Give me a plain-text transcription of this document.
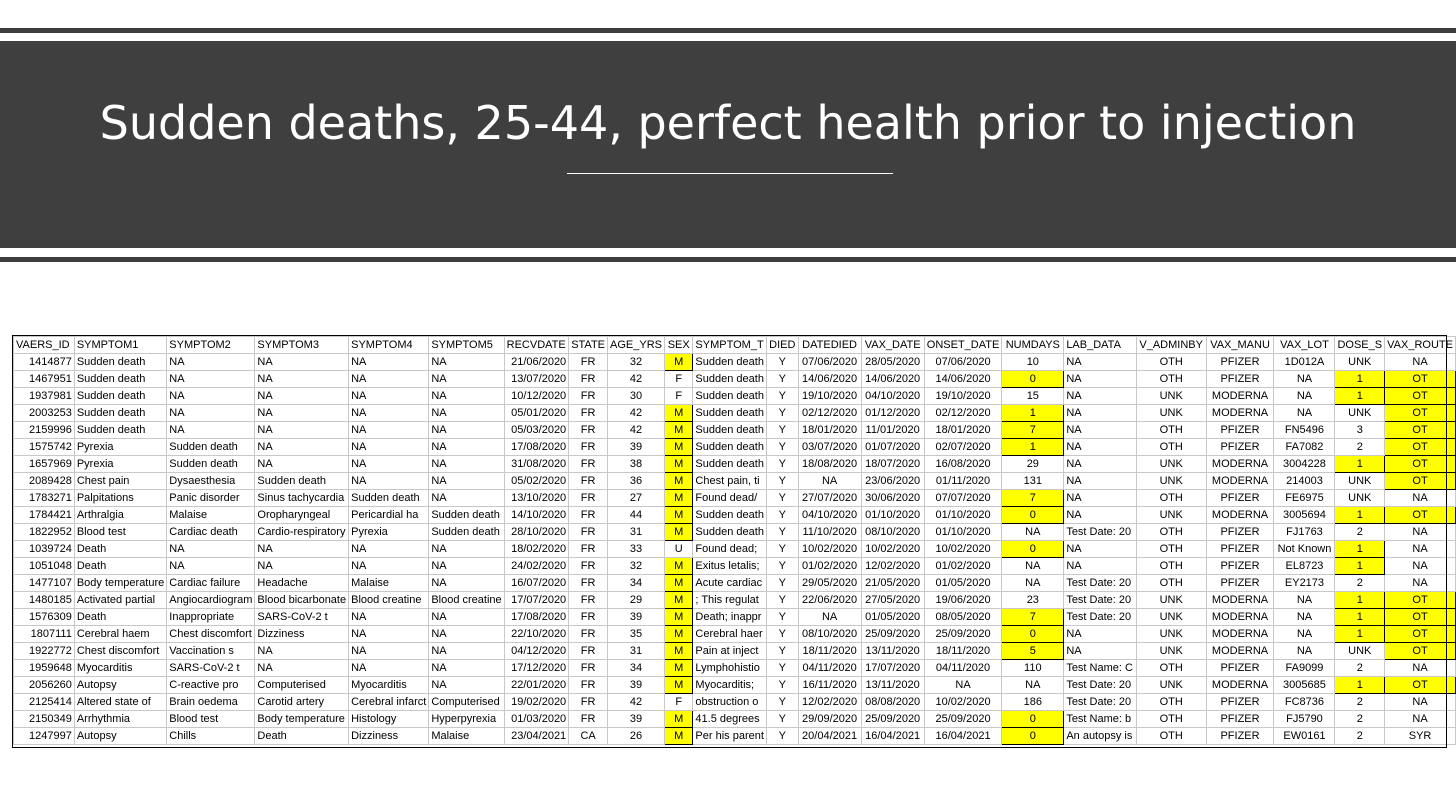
Sudden deaths, 25-44, perfect health prior to injection
VAERS_ID	SYMPTOM1	SYMPTOM2	SYMPTOM3	SYMPTOM4	SYMPTOM5	RECVDATE	STATE	AGE_YRS	SEX	SYMPTOM_T	DIED	DATEDIED	VAX_DATE	ONSET_DATE	NUMDAYS	LAB_DATA	V_ADMINBY	VAX_MANU	VAX_LOT	DOSE_S	VAX_ROUTE
1414877	Sudden death	NA	NA	NA	NA	21/06/2020	FR	32	M	Sudden death	Y	07/06/2020	28/05/2020	07/06/2020	10	NA	OTH	PFIZER	1D012A	UNK	NA
1467951	Sudden death	NA	NA	NA	NA	13/07/2020	FR	42	F	Sudden death	Y	14/06/2020	14/06/2020	14/06/2020	0	NA	OTH	PFIZER	NA	1	OT
1937981	Sudden death	NA	NA	NA	NA	10/12/2020	FR	30	F	Sudden death	Y	19/10/2020	04/10/2020	19/10/2020	15	NA	UNK	MODERNA	NA	1	OT
2003253	Sudden death	NA	NA	NA	NA	05/01/2020	FR	42	M	Sudden death	Y	02/12/2020	01/12/2020	02/12/2020	1	NA	UNK	MODERNA	NA	UNK	OT
2159996	Sudden death	NA	NA	NA	NA	05/03/2020	FR	42	M	Sudden death	Y	18/01/2020	11/01/2020	18/01/2020	7	NA	OTH	PFIZER	FN5496	3	OT
1575742	Pyrexia	Sudden death	NA	NA	NA	17/08/2020	FR	39	M	Sudden death	Y	03/07/2020	01/07/2020	02/07/2020	1	NA	OTH	PFIZER	FA7082	2	OT
1657969	Pyrexia	Sudden death	NA	NA	NA	31/08/2020	FR	38	M	Sudden death	Y	18/08/2020	18/07/2020	16/08/2020	29	NA	UNK	MODERNA	3004228	1	OT
2089428	Chest pain	Dysaesthesia	Sudden death	NA	NA	05/02/2020	FR	36	M	Chest pain, ti	Y	NA	23/06/2020	01/11/2020	131	NA	UNK	MODERNA	214003	UNK	OT
1783271	Palpitations	Panic disorder	Sinus tachycardia	Sudden death	NA	13/10/2020	FR	27	M	Found dead/	Y	27/07/2020	30/06/2020	07/07/2020	7	NA	OTH	PFIZER	FE6975	UNK	NA
1784421	Arthralgia	Malaise	Oropharyngeal	Pericardial ha	Sudden death	14/10/2020	FR	44	M	Sudden death	Y	04/10/2020	01/10/2020	01/10/2020	0	NA	UNK	MODERNA	3005694	1	OT
1822952	Blood test	Cardiac death	Cardio-respiratory	Pyrexia	Sudden death	28/10/2020	FR	31	M	Sudden death	Y	11/10/2020	08/10/2020	01/10/2020	NA	Test Date: 20	OTH	PFIZER	FJ1763	2	NA
1039724	Death	NA	NA	NA	NA	18/02/2020	FR	33	U	Found dead;	Y	10/02/2020	10/02/2020	10/02/2020	0	NA	OTH	PFIZER	Not Known	1	NA
1051048	Death	NA	NA	NA	NA	24/02/2020	FR	32	M	Exitus letalis;	Y	01/02/2020	12/02/2020	01/02/2020	NA	NA	OTH	PFIZER	EL8723	1	NA
1477107	Body temperature	Cardiac failure	Headache	Malaise	NA	16/07/2020	FR	34	M	Acute cardiac	Y	29/05/2020	21/05/2020	01/05/2020	NA	Test Date: 20	OTH	PFIZER	EY2173	2	NA
1480185	Activated partial	Angiocardiogram	Blood bicarbonate	Blood creatine	Blood creatine	17/07/2020	FR	29	M	; This regulat	Y	22/06/2020	27/05/2020	19/06/2020	23	Test Date: 20	UNK	MODERNA	NA	1	OT
1576309	Death	Inappropriate	SARS-CoV-2 t	NA	NA	17/08/2020	FR	39	M	Death; inappr	Y	NA	01/05/2020	08/05/2020	7	Test Date: 20	UNK	MODERNA	NA	1	OT
1807111	Cerebral haem	Chest discomfort	Dizziness	NA	NA	22/10/2020	FR	35	M	Cerebral haer	Y	08/10/2020	25/09/2020	25/09/2020	0	NA	UNK	MODERNA	NA	1	OT
1922772	Chest discomfort	Vaccination s	NA	NA	NA	04/12/2020	FR	31	M	Pain at inject	Y	18/11/2020	13/11/2020	18/11/2020	5	NA	UNK	MODERNA	NA	UNK	OT
1959648	Myocarditis	SARS-CoV-2 t	NA	NA	NA	17/12/2020	FR	34	M	Lymphohistio	Y	04/11/2020	17/07/2020	04/11/2020	110	Test Name: C	OTH	PFIZER	FA9099	2	NA
2056260	Autopsy	C-reactive pro	Computerised	Myocarditis	NA	22/01/2020	FR	39	M	Myocarditis;	Y	16/11/2020	13/11/2020	NA	NA	Test Date: 20	UNK	MODERNA	3005685	1	OT
2125414	Altered state of	Brain oedema	Carotid artery	Cerebral infarct	Computerised	19/02/2020	FR	42	F	obstruction o	Y	12/02/2020	08/08/2020	10/02/2020	186	Test Date: 20	OTH	PFIZER	FC8736	2	NA
2150349	Arrhythmia	Blood test	Body temperature	Histology	Hyperpyrexia	01/03/2020	FR	39	M	41.5 degrees	Y	29/09/2020	25/09/2020	25/09/2020	0	Test Name: b	OTH	PFIZER	FJ5790	2	NA
1247997	Autopsy	Chills	Death	Dizziness	Malaise	23/04/2021	CA	26	M	Per his parent	Y	20/04/2021	16/04/2021	16/04/2021	0	An autopsy is	OTH	PFIZER	EW0161	2	SYR
